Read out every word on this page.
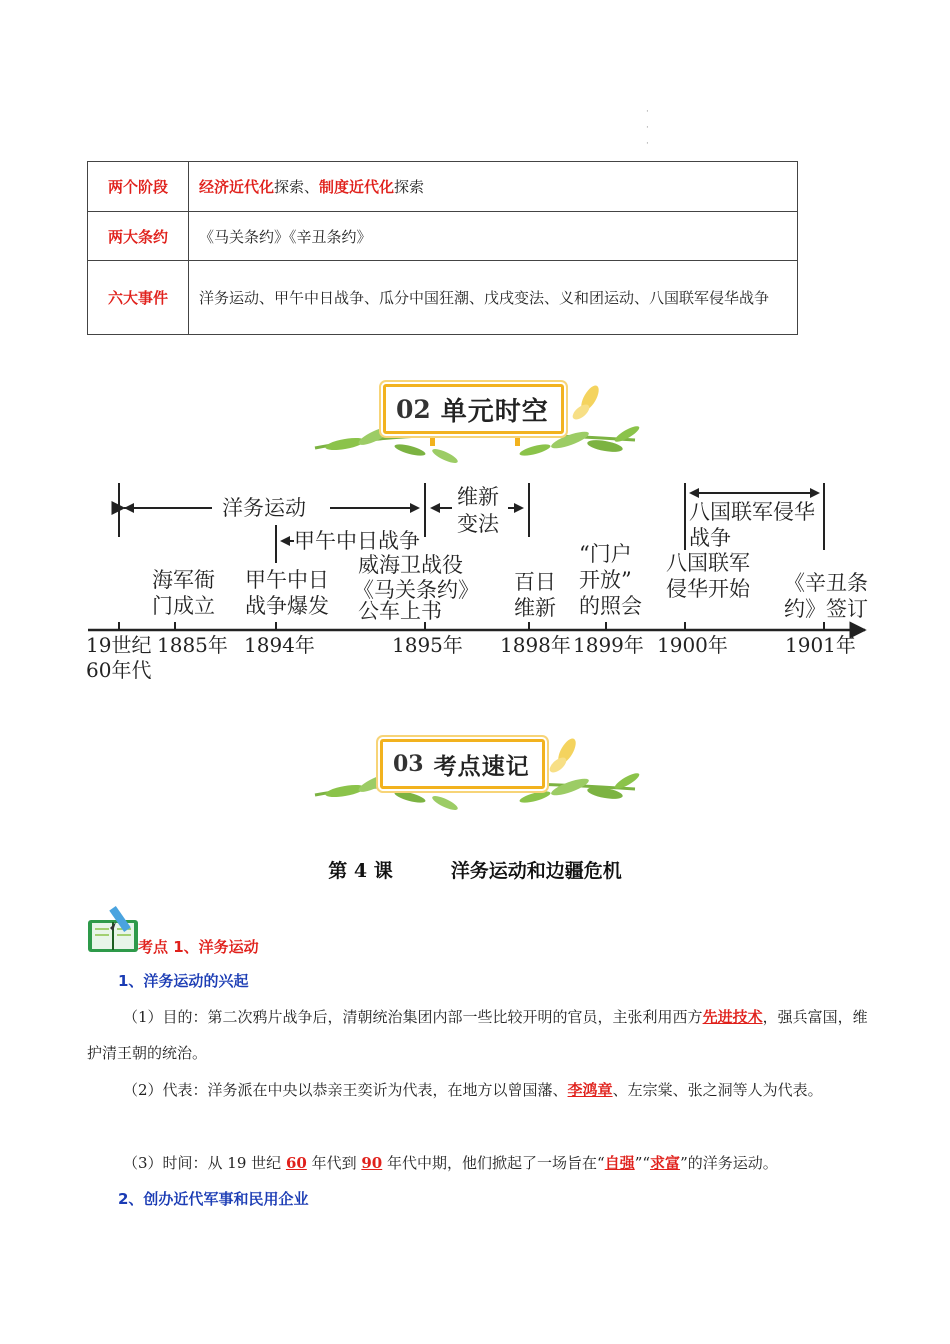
·
·
·
两个阶段	经济近代化探索、制度近代化探索
两大条约	《马关条约》《辛丑条约》
六大事件	洋务运动、甲午中日战争、瓜分中国狂潮、戊戌变法、义和团运动、八国联军侵华战争
02 单元时空
洋务运动
甲午中日战争
维新
变法	八国联军侵华
战争
海军衙
门成立
甲午中日
战争爆发
威海卫战役
《马关条约》
公车上书
百日
维新
“门户
开放”
的照会
八国联军
侵华开始 《辛丑条
约》签订
19世纪
60年代
1885年 1894年	1895年 1898年 1899年 1900年	1901年
03 考点速记
第 4 课	洋务运动和边疆危机
考点 1、洋务运动
1、洋务运动的兴起
（1）目的：第二次鸦片战争后，清朝统治集团内部一些比较开明的官员，主张利用西方先进技术，强兵富国，维护清王朝的统治。
（2）代表：洋务派在中央以恭亲王奕䜣为代表，在地方以曾国藩、李鸿章、左宗棠、张之洞等人为代表。
（3）时间：从 19 世纪 60 年代到 90 年代中期，他们掀起了一场旨在“自强”“求富”的洋务运动。
2、创办近代军事和民用企业
